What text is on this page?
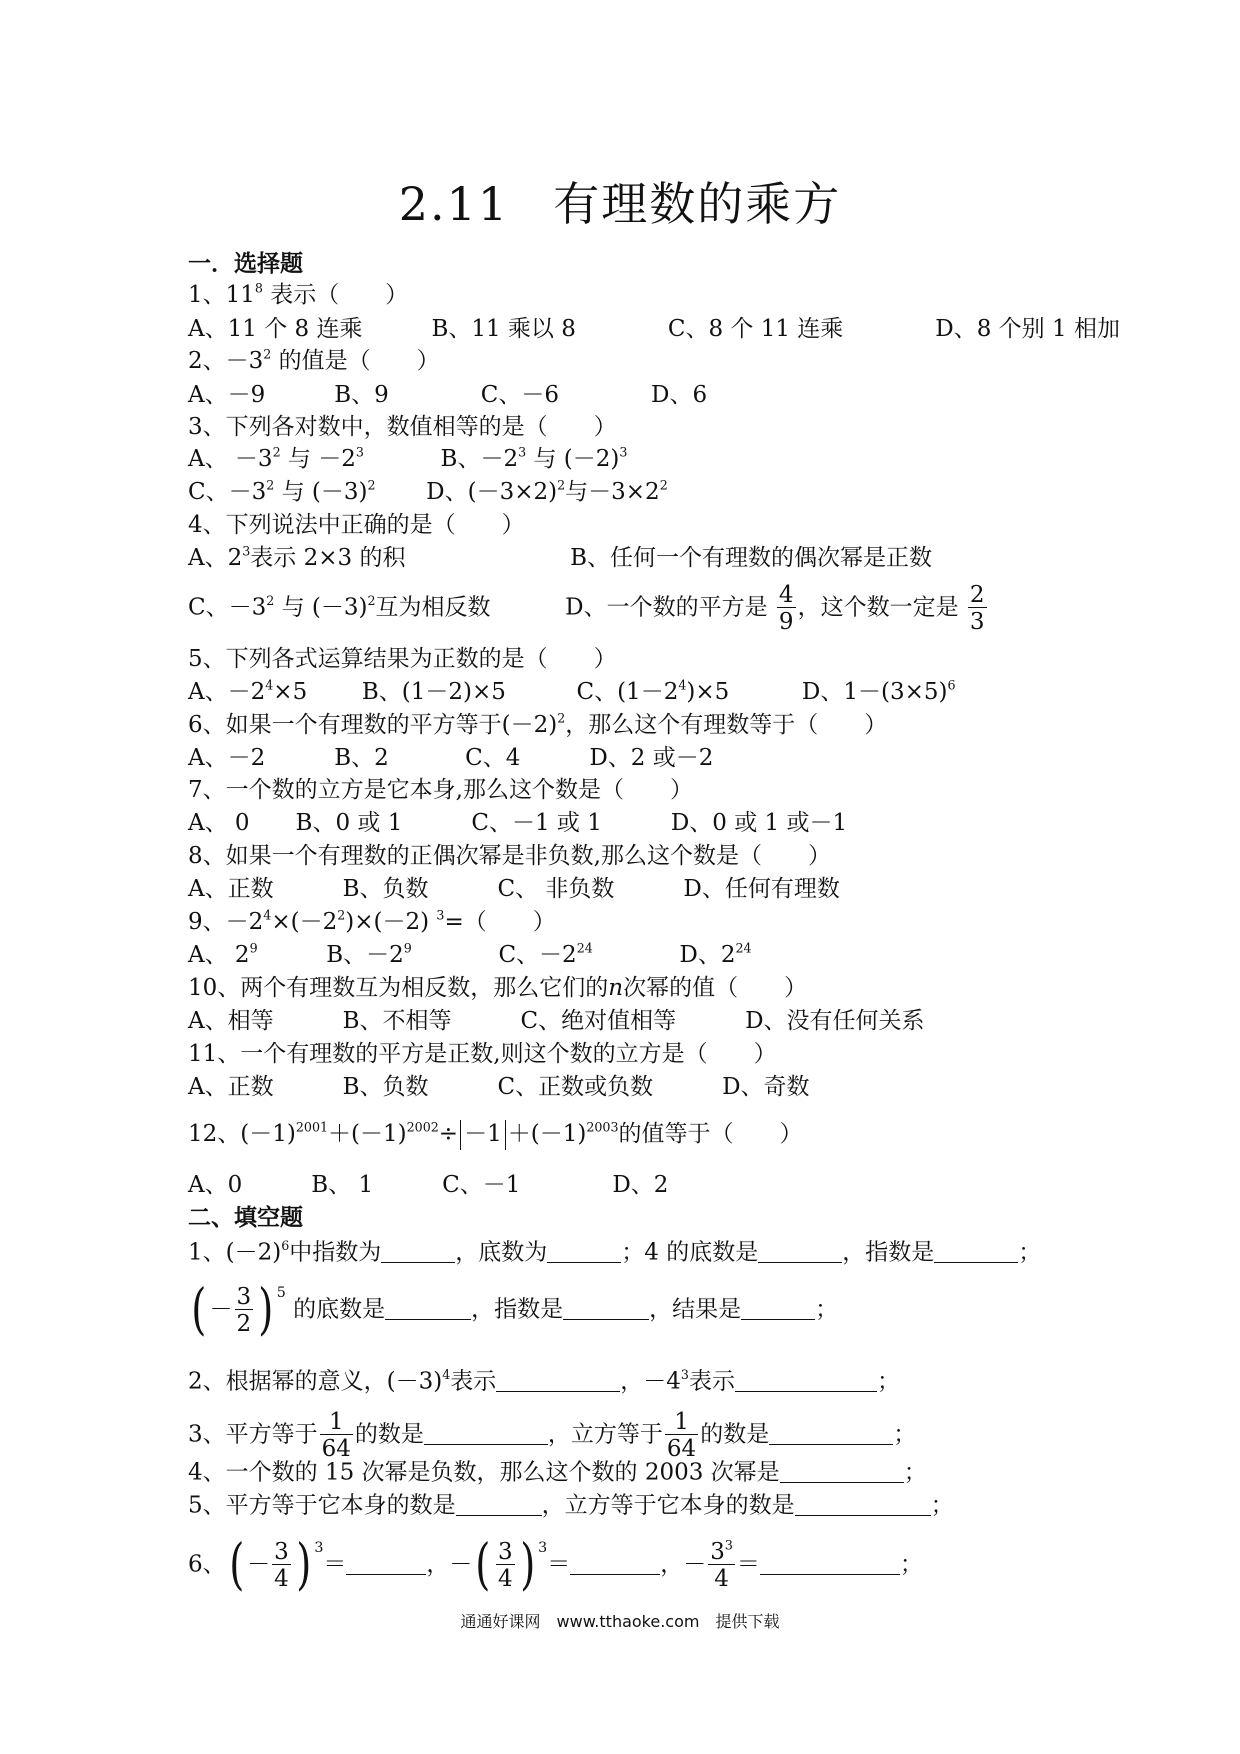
2.11 有理数的乘方
一．选择题
1、$11^8$ 表示（　　）
A、11 个 8 连乘　　　B、11 乘以 8　　　　C、8 个 11 连乘　　　　D、8 个别 1 相加
2、$-3^2$ 的值是（　　）
A、－9　　　B、9　　　　C、－6　　　　D、6
3、下列各对数中，数值相等的是（　　）
A、 $-3^2$ 与 $-2^3$	B、$-2^3$ 与 $(-2)^3$
C、$-3^2$ 与 $(-3)^2$ D、$(-3\times 2)^2$与$-3\times 2^2$
4、下列说法中正确的是（　　）
A、$2^3$表示 2×3 的积	B、任何一个有理数的偶次幂是正数
C、$-3^2$ 与 $(-3)^2$互为相反数	D、一个数的平方是 $\frac{4}{9}$ ，这个数一定是 $\frac{2}{3}$
5、下列各式运算结果为正数的是（　　）
A、$-2^4\times 5$ B、(1－2)×5	C、$(1-2^4)\times 5$	D、$1-(3\times 5)^6$
6、如果一个有理数的平方等于$(-2)^2$，那么这个有理数等于（　　）
A、－2　　　B、2　　　 C、4　　　D、2 或－2
7、一个数的立方是它本身,那么这个数是（　　）
A、 0　　B、0 或 1　　　C、－1 或 1　　　D、0 或 1 或－1
8、如果一个有理数的正偶次幂是非负数,那么这个数是（　　）
A、正数　　　B、负数　　　C、 非负数　　　D、任何有理数
9、$-2^4\times(-2^2)\times(-2)$ $^3$=（　　）
A、 $2^9$	B、$-2^9$	C、$-2^{24}$	D、$2^{24}$
10、两个有理数互为相反数，那么它们的n次幂的值（　　）
A、相等　　　B、不相等　　　C、绝对值相等　　　D、没有任何关系
11、一个有理数的平方是正数,则这个数的立方是（　　）
A、正数　　　B、负数　　　C、正数或负数　　　D、奇数
12、$(-1)^{2001}+(-1)^{2002}\div -1 +(-1)^{2003}$的值等于（　　）
A、0　　　B、 1　　　C、－1　　　　D、2
二、填空题
1、$(-2)^6$中指数为	，底数为	；4 的底数是	，指数是	；
( － $\frac{3}{2}$ ) 5 的底数是	，指数是	，结果是	；
2、根据幂的意义，$(-3)^4$表示	，$-4^3$表示	；
3、平方等于 $\frac{1}{64}$ 的数是	，立方等于 $\frac{1}{64}$ 的数是	；
4、一个数的 15 次幂是负数，那么这个数的 2003 次幂是	；
5、平方等于它本身的数是	，立方等于它本身的数是	；
6、( － $\frac{3}{4}$ ) 3＝	，－( $\frac{3}{4}$ ) 3＝	，－ $\frac{3^3}{4}$ ＝	；
通通好课网　www.tthaoke.com　提供下载
